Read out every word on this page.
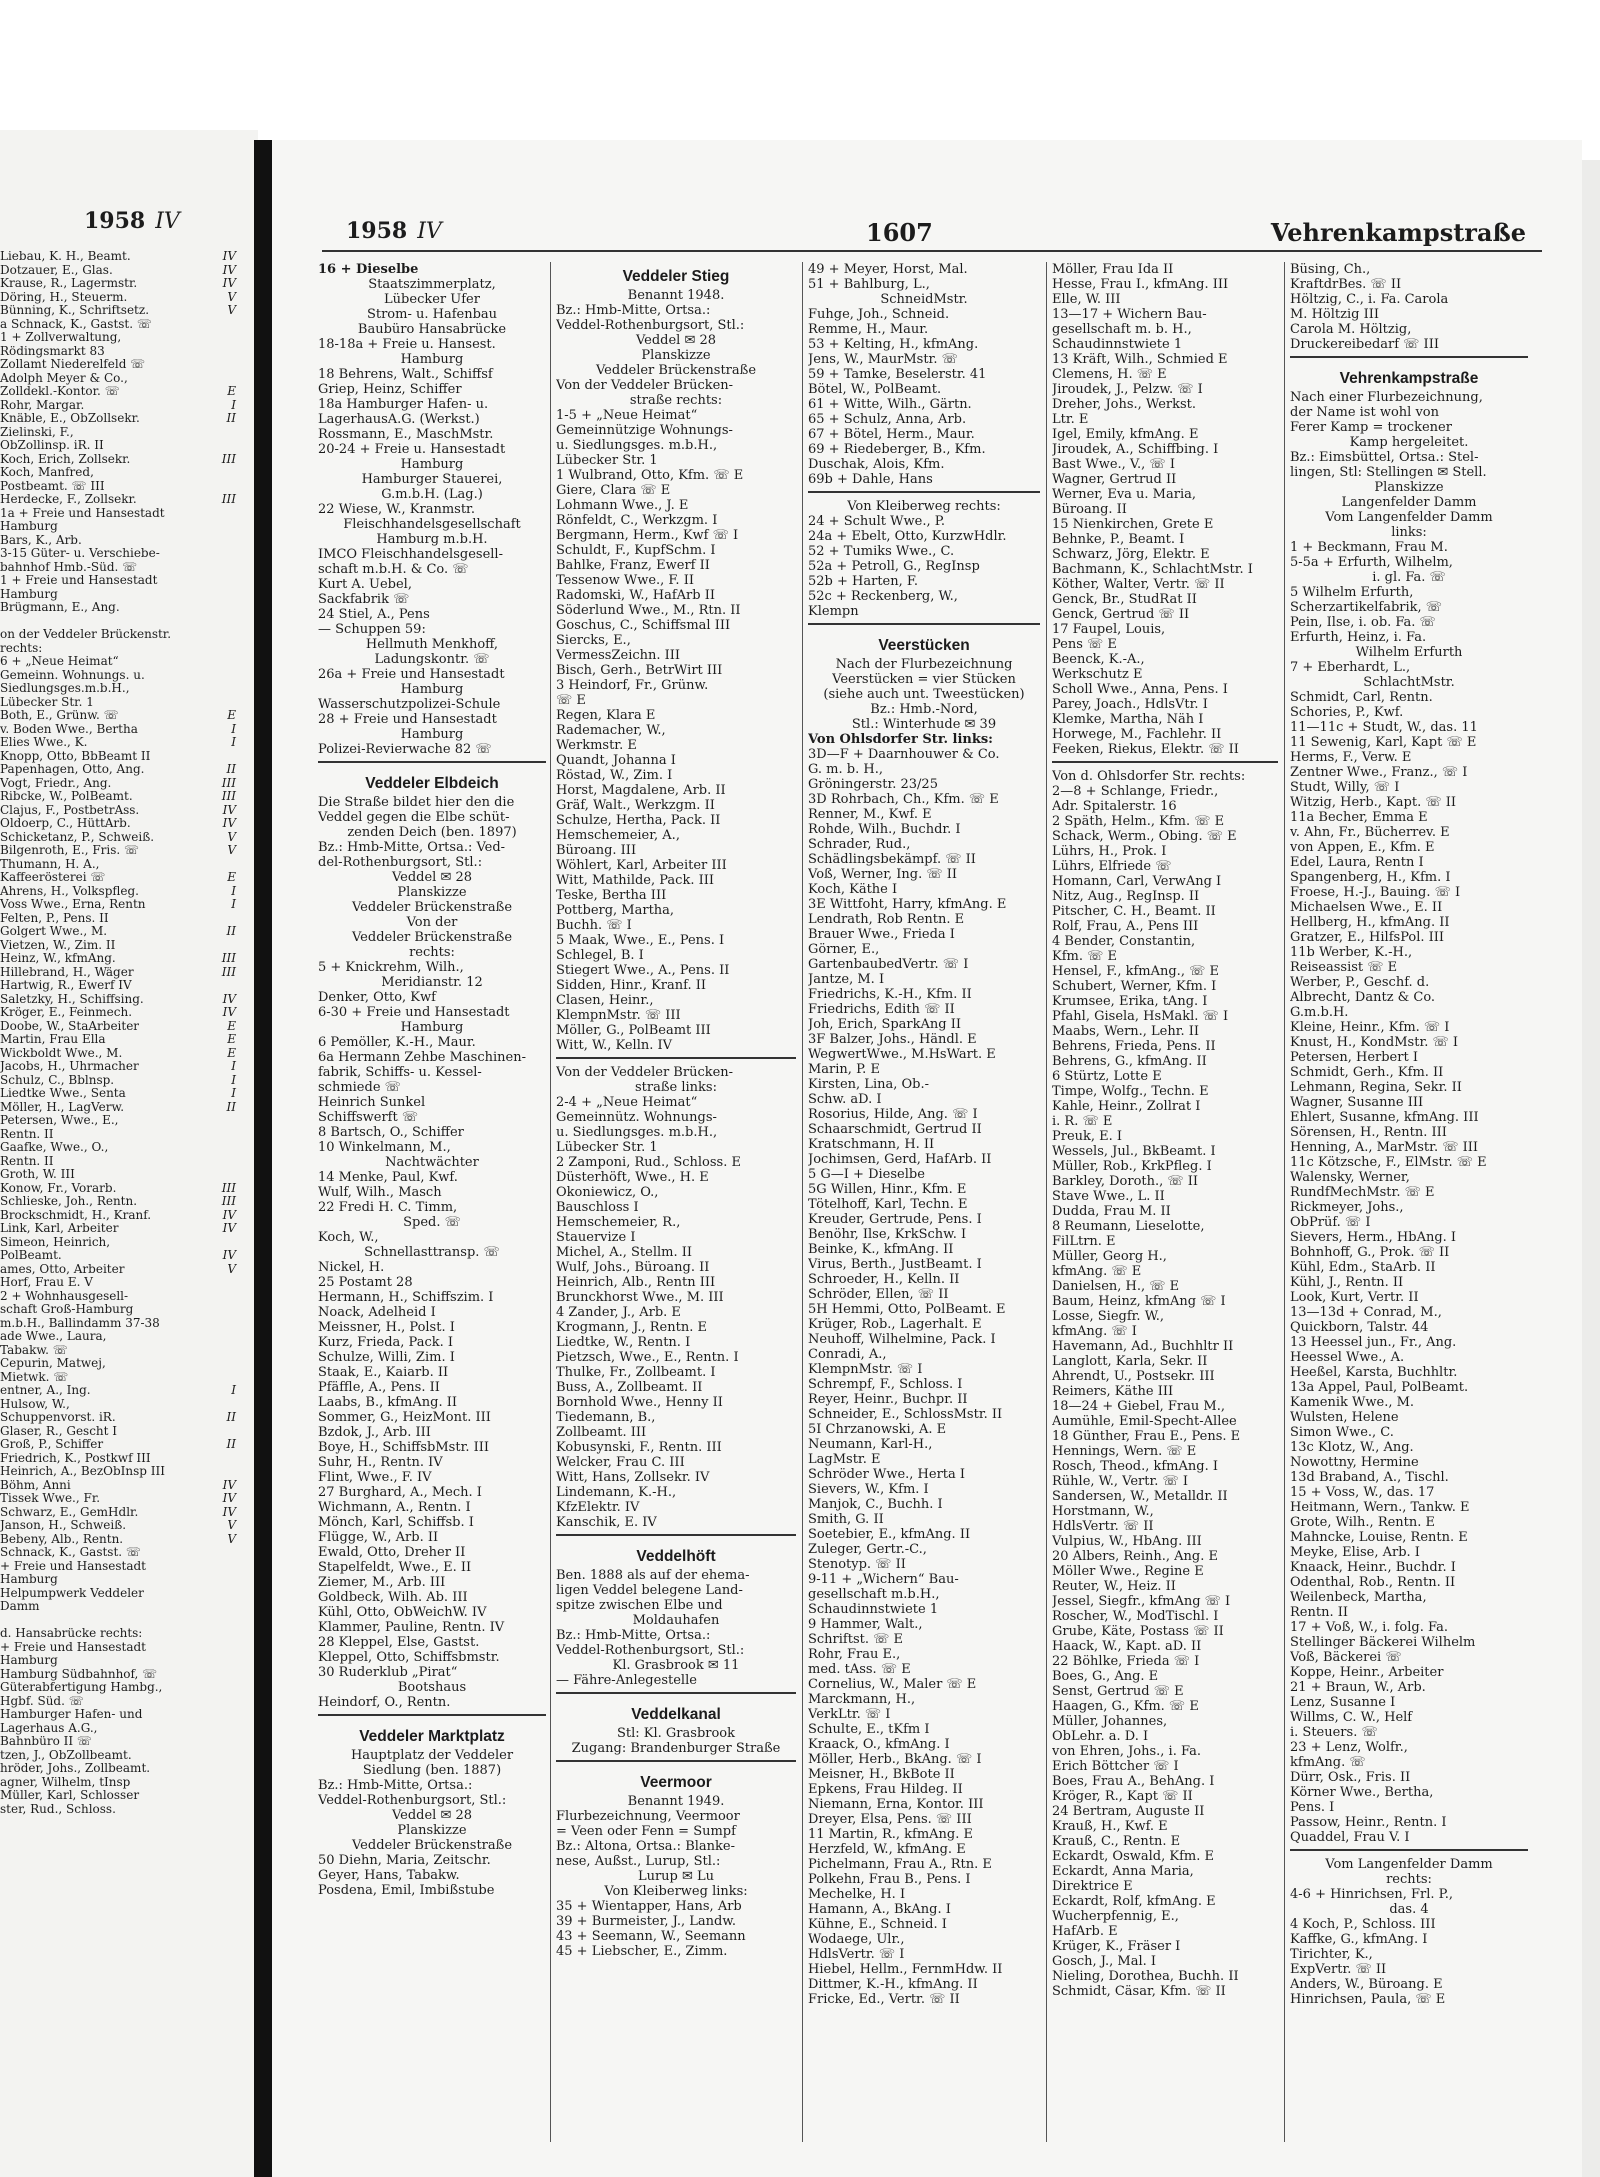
1958 IV
Liebau, K. H., Beamt.	IV
Dotzauer, E., Glas.	IV
Krause, R., Lagermstr.	IV
Döring, H., Steuerm.	V
Bünning, K., Schriftsetz.	V
a Schnack, K., Gastst. ☏
1 + Zollverwaltung,
Rödingsmarkt 83
Zollamt Niederelfeld ☏
Adolph Meyer & Co.,
Zolldekl.-Kontor. ☏	E
Rohr, Margar.	I
Knäble, E., ObZollsekr.	II
Zielinski, F.,
ObZollinsp. iR. II
Koch, Erich, Zollsekr.	III
Koch, Manfred,
Postbeamt. ☏ III
Herdecke, F., Zollsekr.	III
1a + Freie und Hansestadt
Hamburg
Bars, K., Arb.
3-15 Güter- u. Verschiebe-
bahnhof Hmb.-Süd. ☏
1 + Freie und Hansestadt
Hamburg
Brügmann, E., Ang.
on der Veddeler Brückenstr.
rechts:
6 + „Neue Heimat“
Gemeinn. Wohnungs. u.
Siedlungsges.m.b.H.,
Lübecker Str. 1
Both, E., Grünw. ☏	E
v. Boden Wwe., Bertha	I
Elies Wwe., K.	I
Knopp, Otto, BbBeamt II
Papenhagen, Otto, Ang.	II
Vogt, Friedr., Ang.	III
Ribcke, W., PolBeamt.	III
Clajus, F., PostbetrAss.	IV
Oldoerp, C., HüttArb.	IV
Schicketanz, P., Schweiß.	V
Bilgenroth, E., Fris. ☏	V
Thumann, H. A.,
Kaffeerösterei ☏	E
Ahrens, H., Volkspfleg.	I
Voss Wwe., Erna, Rentn	I
Felten, P., Pens. II
Golgert Wwe., M.	II
Vietzen, W., Zim. II
Heinz, W., kfmAng.	III
Hillebrand, H., Wäger	III
Hartwig, R., Ewerf IV
Saletzky, H., Schiffsing.	IV
Kröger, E., Feinmech.	IV
Doobe, W., StaArbeiter	E
Martin, Frau Ella	E
Wickboldt Wwe., M.	E
Jacobs, H., Uhrmacher	I
Schulz, C., Bblnsp.	I
Liedtke Wwe., Senta	I
Möller, H., LagVerw.	II
Petersen, Wwe., E.,
Rentn. II
Gaafke, Wwe., O.,
Rentn. II
Groth, W. III
Konow, Fr., Vorarb.	III
Schlieske, Joh., Rentn.	III
Brockschmidt, H., Kranf.	IV
Link, Karl, Arbeiter	IV
Simeon, Heinrich,
PolBeamt.	IV
ames, Otto, Arbeiter	V
Horf, Frau E. V
2 + Wohnhausgesell-
schaft Groß-Hamburg
m.b.H., Ballindamm 37-38
ade Wwe., Laura,
Tabakw. ☏
Cepurin, Matwej,
Mietwk. ☏
entner, A., Ing.	I
Hulsow, W.,
Schuppenvorst. iR.	II
Glaser, R., Gescht I
Groß, P., Schiffer	II
Friedrich, K., Postkwf III
Heinrich, A., BezObInsp III
Böhm, Anni	IV
Tissek Wwe., Fr.	IV
Schwarz, E., GemHdlr.	IV
Janson, H., Schweiß.	V
Bebeny, Alb., Rentn.	V
Schnack, K., Gastst. ☏
+ Freie und Hansestadt
Hamburg
Helpumpwerk Veddeler
Damm
d. Hansabrücke rechts:
+ Freie und Hansestadt
Hamburg
Hamburg Südbahnhof, ☏
Güterabfertigung Hambg.,
Hgbf. Süd. ☏
Hamburger Hafen- und
Lagerhaus A.G.,
Bahnbüro II ☏
tzen, J., ObZollbeamt.
hröder, Johs., Zollbeamt.
agner, Wilhelm, tInsp
Müller, Karl, Schlosser
ster, Rud., Schloss.
1958 IV	1607	Vehrenkampstraße
16 + Dieselbe
Staatszimmerplatz,
Lübecker Ufer
Strom- u. Hafenbau
Baubüro Hansabrücke
18-18a + Freie u. Hansest.
Hamburg
18 Behrens, Walt., Schiffsf
Griep, Heinz, Schiffer
18a Hamburger Hafen- u.
LagerhausA.G. (Werkst.)
Rossmann, E., MaschMstr.
20-24 + Freie u. Hansestadt
Hamburg
Hamburger Stauerei,
G.m.b.H. (Lag.)
22 Wiese, W., Kranmstr.
Fleischhandelsgesellschaft
Hamburg m.b.H.
IMCO Fleischhandelsgesell-
schaft m.b.H. & Co. ☏
Kurt A. Uebel,
Sackfabrik ☏
24 Stiel, A., Pens
— Schuppen 59:
Hellmuth Menkhoff,
Ladungskontr. ☏
26a + Freie und Hansestadt
Hamburg
Wasserschutzpolizei-Schule
28 + Freie und Hansestadt
Hamburg
Polizei-Revierwache 82 ☏
Veddeler Elbdeich
Die Straße bildet hier den die
Veddel gegen die Elbe schüt-
zenden Deich (ben. 1897)
Bz.: Hmb-Mitte, Ortsa.: Ved-
del-Rothenburgsort, Stl.:
Veddel ✉ 28
Planskizze
Veddeler Brückenstraße
Von der
Veddeler Brückenstraße
rechts:
5 + Knickrehm, Wilh.,
Meridianstr. 12
Denker, Otto, Kwf
6-30 + Freie und Hansestadt
Hamburg
6 Pemöller, K.-H., Maur.
6a Hermann Zehbe Maschinen-
fabrik, Schiffs- u. Kessel-
schmiede ☏
Heinrich Sunkel
Schiffswerft ☏
8 Bartsch, O., Schiffer
10 Winkelmann, M.,
Nachtwächter
14 Menke, Paul, Kwf.
Wulf, Wilh., Masch
22 Fredi H. C. Timm,
Sped. ☏
Koch, W.,
Schnellasttransp. ☏
Nickel, H.
25 Postamt 28
Hermann, H., Schiffszim. I
Noack, Adelheid I
Meissner, H., Polst. I
Kurz, Frieda, Pack. I
Schulze, Willi, Zim. I
Staak, E., Kaiarb. II
Pfäffle, A., Pens. II
Laabs, B., kfmAng. II
Sommer, G., HeizMont. III
Bzdok, J., Arb. III
Boye, H., SchiffsbMstr. III
Suhr, H., Rentn. IV
Flint, Wwe., F. IV
27 Burghard, A., Mech. I
Wichmann, A., Rentn. I
Mönch, Karl, Schiffsb. I
Flügge, W., Arb. II
Ewald, Otto, Dreher II
Stapelfeldt, Wwe., E. II
Ziemer, M., Arb. III
Goldbeck, Wilh. Ab. III
Kühl, Otto, ObWeichW. IV
Klammer, Pauline, Rentn. IV
28 Kleppel, Else, Gastst.
Kleppel, Otto, Schiffsbmstr.
30 Ruderklub „Pirat“
Bootshaus
Heindorf, O., Rentn.
Veddeler Marktplatz
Hauptplatz der Veddeler
Siedlung (ben. 1887)
Bz.: Hmb-Mitte, Ortsa.:
Veddel-Rothenburgsort, Stl.:
Veddel ✉ 28
Planskizze
Veddeler Brückenstraße
50 Diehn, Maria, Zeitschr.
Geyer, Hans, Tabakw.
Posdena, Emil, Imbißstube
Veddeler Stieg
Benannt 1948.
Bz.: Hmb-Mitte, Ortsa.:
Veddel-Rothenburgsort, Stl.:
Veddel ✉ 28
Planskizze
Veddeler Brückenstraße
Von der Veddeler Brücken-
straße rechts:
1-5 + „Neue Heimat“
Gemeinnützige Wohnungs-
u. Siedlungsges. m.b.H.,
Lübecker Str. 1
1 Wulbrand, Otto, Kfm. ☏ E
Giere, Clara ☏ E
Lohmann Wwe., J. E
Rönfeldt, C., Werkzgm. I
Bergmann, Herm., Kwf ☏ I
Schuldt, F., KupfSchm. I
Bahlke, Franz, Ewerf II
Tessenow Wwe., F. II
Radomski, W., HafArb II
Söderlund Wwe., M., Rtn. II
Goschus, C., Schiffsmal III
Siercks, E.,
VermessZeichn. III
Bisch, Gerh., BetrWirt III
3 Heindorf, Fr., Grünw.
☏ E
Regen, Klara E
Rademacher, W.,
Werkmstr. E
Quandt, Johanna I
Röstad, W., Zim. I
Horst, Magdalene, Arb. II
Gräf, Walt., Werkzgm. II
Schulze, Hertha, Pack. II
Hemschemeier, A.,
Büroang. III
Wöhlert, Karl, Arbeiter III
Witt, Mathilde, Pack. III
Teske, Bertha III
Pottberg, Martha,
Buchh. ☏ I
5 Maak, Wwe., E., Pens. I
Schlegel, B. I
Stiegert Wwe., A., Pens. II
Sidden, Hinr., Kranf. II
Clasen, Heinr.,
KlempnMstr. ☏ III
Möller, G., PolBeamt III
Witt, W., Kelln. IV
Von der Veddeler Brücken-
straße links:
2-4 + „Neue Heimat“
Gemeinnütz. Wohnungs-
u. Siedlungsges. m.b.H.,
Lübecker Str. 1
2 Zamponi, Rud., Schloss. E
Düsterhöft, Wwe., H. E
Okoniewicz, O.,
Bauschloss I
Hemschemeier, R.,
Stauervize I
Michel, A., Stellm. II
Wulf, Johs., Büroang. II
Heinrich, Alb., Rentn III
Brunckhorst Wwe., M. III
4 Zander, J., Arb. E
Krogmann, J., Rentn. E
Liedtke, W., Rentn. I
Pietzsch, Wwe., E., Rentn. I
Thulke, Fr., Zollbeamt. I
Buss, A., Zollbeamt. II
Bornhold Wwe., Henny II
Tiedemann, B.,
Zollbeamt. III
Kobusynski, F., Rentn. III
Welcker, Frau C. III
Witt, Hans, Zollsekr. IV
Lindemann, K.-H.,
KfzElektr. IV
Kanschik, E. IV
Veddelhöft
Ben. 1888 als auf der ehema-
ligen Veddel belegene Land-
spitze zwischen Elbe und
Moldauhafen
Bz.: Hmb-Mitte, Ortsa.:
Veddel-Rothenburgsort, Stl.:
Kl. Grasbrook ✉ 11
— Fähre-Anlegestelle
Veddelkanal
Stl: Kl. Grasbrook
Zugang: Brandenburger Straße
Veermoor
Benannt 1949.
Flurbezeichnung, Veermoor
= Veen oder Fenn = Sumpf
Bz.: Altona, Ortsa.: Blanke-
nese, Außst., Lurup, Stl.:
Lurup ✉ Lu
Von Kleiberweg links:
35 + Wientapper, Hans, Arb
39 + Burmeister, J., Landw.
43 + Seemann, W., Seemann
45 + Liebscher, E., Zimm.
49 + Meyer, Horst, Mal.
51 + Bahlburg, L.,
SchneidMstr.
Fuhge, Joh., Schneid.
Remme, H., Maur.
53 + Kelting, H., kfmAng.
Jens, W., MaurMstr. ☏
59 + Tamke, Beselerstr. 41
Bötel, W., PolBeamt.
61 + Witte, Wilh., Gärtn.
65 + Schulz, Anna, Arb.
67 + Bötel, Herm., Maur.
69 + Riedeberger, B., Kfm.
Duschak, Alois, Kfm.
69b + Dahle, Hans
Von Kleiberweg rechts:
24 + Schult Wwe., P.
24a + Ebelt, Otto, KurzwHdlr.
52 + Tumiks Wwe., C.
52a + Petroll, G., RegInsp
52b + Harten, F.
52c + Reckenberg, W.,
Klempn
Veerstücken
Nach der Flurbezeichnung
Veerstücken = vier Stücken
(siehe auch unt. Tweestücken)
Bz.: Hmb.-Nord,
Stl.: Winterhude ✉ 39
Von Ohlsdorfer Str. links:
3D—F + Daarnhouwer & Co.
G. m. b. H.,
Gröningerstr. 23/25
3D Rohrbach, Ch., Kfm. ☏ E
Renner, M., Kwf. E
Rohde, Wilh., Buchdr. I
Schrader, Rud.,
Schädlingsbekämpf. ☏ II
Voß, Werner, Ing. ☏ II
Koch, Käthe I
3E Wittfoht, Harry, kfmAng. E
Lendrath, Rob Rentn. E
Brauer Wwe., Frieda I
Görner, E.,
GartenbaubedVertr. ☏ I
Jantze, M. I
Friedrichs, K.-H., Kfm. II
Friedrichs, Edith ☏ II
Joh, Erich, SparkAng II
3F Balzer, Johs., Händl. E
WegwertWwe., M.HsWart. E
Marin, P. E
Kirsten, Lina, Ob.-
Schw. aD. I
Rosorius, Hilde, Ang. ☏ I
Schaarschmidt, Gertrud II
Kratschmann, H. II
Jochimsen, Gerd, HafArb. II
5 G—I + Dieselbe
5G Willen, Hinr., Kfm. E
Tötelhoff, Karl, Techn. E
Kreuder, Gertrude, Pens. I
Benöhr, Ilse, KrkSchw. I
Beinke, K., kfmAng. II
Virus, Berth., JustBeamt. I
Schroeder, H., Kelln. II
Schröder, Ellen, ☏ II
5H Hemmi, Otto, PolBeamt. E
Krüger, Rob., Lagerhalt. E
Neuhoff, Wilhelmine, Pack. I
Conradi, A.,
KlempnMstr. ☏ I
Schrempf, F., Schloss. I
Reyer, Heinr., Buchpr. II
Schneider, E., SchlossMstr. II
5I Chrzanowski, A. E
Neumann, Karl-H.,
LagMstr. E
Schröder Wwe., Herta I
Sievers, W., Kfm. I
Manjok, C., Buchh. I
Smith, G. II
Soetebier, E., kfmAng. II
Zuleger, Gertr.-C.,
Stenotyp. ☏ II
9-11 + „Wichern“ Bau-
gesellschaft m.b.H.,
Schaudinnstwiete 1
9 Hammer, Walt.,
Schriftst. ☏ E
Rohr, Frau E.,
med. tAss. ☏ E
Cornelius, W., Maler ☏ E
Marckmann, H.,
VerkLtr. ☏ I
Schulte, E., tKfm I
Kraack, O., kfmAng. I
Möller, Herb., BkAng. ☏ I
Meisner, H., BkBote II
Epkens, Frau Hildeg. II
Niemann, Erna, Kontor. III
Dreyer, Elsa, Pens. ☏ III
11 Martin, R., kfmAng. E
Herzfeld, W., kfmAng. E
Pichelmann, Frau A., Rtn. E
Polkehn, Frau B., Pens. I
Mechelke, H. I
Hamann, A., BkAng. I
Kühne, E., Schneid. I
Wodaege, Ulr.,
HdlsVertr. ☏ I
Hiebel, Hellm., FernmHdw. II
Dittmer, K.-H., kfmAng. II
Fricke, Ed., Vertr. ☏ II
Möller, Frau Ida II
Hesse, Frau I., kfmAng. III
Elle, W. III
13—17 + Wichern Bau-
gesellschaft m. b. H.,
Schaudinnstwiete 1
13 Kräft, Wilh., Schmied E
Clemens, H. ☏ E
Jiroudek, J., Pelzw. ☏ I
Dreher, Johs., Werkst.
Ltr. E
Igel, Emily, kfmAng. E
Jiroudek, A., Schiffbing. I
Bast Wwe., V., ☏ I
Wagner, Gertrud II
Werner, Eva u. Maria,
Büroang. II
15 Nienkirchen, Grete E
Behnke, P., Beamt. I
Schwarz, Jörg, Elektr. E
Bachmann, K., SchlachtMstr. I
Köther, Walter, Vertr. ☏ II
Genck, Br., StudRat II
Genck, Gertrud ☏ II
17 Faupel, Louis,
Pens ☏ E
Beenck, K.-A.,
Werkschutz E
Scholl Wwe., Anna, Pens. I
Parey, Joach., HdlsVtr. I
Klemke, Martha, Näh I
Horwege, M., Fachlehr. II
Feeken, Riekus, Elektr. ☏ II
Von d. Ohlsdorfer Str. rechts:
2—8 + Schlange, Friedr.,
Adr. Spitalerstr. 16
2 Späth, Helm., Kfm. ☏ E
Schack, Werm., Obing. ☏ E
Lührs, H., Prok. I
Lührs, Elfriede ☏
Homann, Carl, VerwAng I
Nitz, Aug., RegInsp. II
Pitscher, C. H., Beamt. II
Rolf, Frau, A., Pens III
4 Bender, Constantin,
Kfm. ☏ E
Hensel, F., kfmAng., ☏ E
Schubert, Werner, Kfm. I
Krumsee, Erika, tAng. I
Pfahl, Gisela, HsMakl. ☏ I
Maabs, Wern., Lehr. II
Behrens, Frieda, Pens. II
Behrens, G., kfmAng. II
6 Stürtz, Lotte E
Timpe, Wolfg., Techn. E
Kahle, Heinr., Zollrat I
i. R. ☏ E
Preuk, E. I
Wessels, Jul., BkBeamt. I
Müller, Rob., KrkPfleg. I
Barkley, Doroth., ☏ II
Stave Wwe., L. II
Dudda, Frau M. II
8 Reumann, Lieselotte,
FilLtrn. E
Müller, Georg H.,
kfmAng. ☏ E
Danielsen, H., ☏ E
Baum, Heinz, kfmAng ☏ I
Losse, Siegfr. W.,
kfmAng. ☏ I
Havemann, Ad., Buchhltr II
Langlott, Karla, Sekr. II
Ahrendt, U., Postsekr. III
Reimers, Käthe III
18—24 + Giebel, Frau M.,
Aumühle, Emil-Specht-Allee
18 Günther, Frau E., Pens. E
Hennings, Wern. ☏ E
Rosch, Theod., kfmAng. I
Rühle, W., Vertr. ☏ I
Sandersen, W., Metalldr. II
Horstmann, W.,
HdlsVertr. ☏ II
Vulpius, W., HbAng. III
20 Albers, Reinh., Ang. E
Möller Wwe., Regine E
Reuter, W., Heiz. II
Jessel, Siegfr., kfmAng ☏ I
Roscher, W., ModTischl. I
Grube, Käte, Postass ☏ II
Haack, W., Kapt. aD. II
22 Böhlke, Frieda ☏ I
Boes, G., Ang. E
Senst, Gertrud ☏ E
Haagen, G., Kfm. ☏ E
Müller, Johannes,
ObLehr. a. D. I
von Ehren, Johs., i. Fa.
Erich Böttcher ☏ I
Boes, Frau A., BehAng. I
Kröger, R., Kapt ☏ II
24 Bertram, Auguste II
Krauß, H., Kwf. E
Krauß, C., Rentn. E
Eckardt, Oswald, Kfm. E
Eckardt, Anna Maria,
Direktrice E
Eckardt, Rolf, kfmAng. E
Wucherpfennig, E.,
HafArb. E
Krüger, K., Fräser I
Gosch, J., Mal. I
Nieling, Dorothea, Buchh. II
Schmidt, Cäsar, Kfm. ☏ II
Büsing, Ch.,
KraftdrBes. ☏ II
Höltzig, C., i. Fa. Carola
M. Höltzig III
Carola M. Höltzig,
Druckereibedarf ☏ III
Vehrenkampstraße
Nach einer Flurbezeichnung,
der Name ist wohl von
Ferer Kamp = trockener
Kamp hergeleitet.
Bz.: Eimsbüttel, Ortsa.: Stel-
lingen, Stl: Stellingen ✉ Stell.
Planskizze
Langenfelder Damm
Vom Langenfelder Damm
links:
1 + Beckmann, Frau M.
5-5a + Erfurth, Wilhelm,
i. gl. Fa. ☏
5 Wilhelm Erfurth,
Scherzartikelfabrik, ☏
Pein, Ilse, i. ob. Fa. ☏
Erfurth, Heinz, i. Fa.
Wilhelm Erfurth
7 + Eberhardt, L.,
SchlachtMstr.
Schmidt, Carl, Rentn.
Schories, P., Kwf.
11—11c + Studt, W., das. 11
11 Sewenig, Karl, Kapt ☏ E
Herms, F., Verw. E
Zentner Wwe., Franz., ☏ I
Studt, Willy, ☏ I
Witzig, Herb., Kapt. ☏ II
11a Becher, Emma E
v. Ahn, Fr., Bücherrev. E
von Appen, E., Kfm. E
Edel, Laura, Rentn I
Spangenberg, H., Kfm. I
Froese, H.-J., Bauing. ☏ I
Michaelsen Wwe., E. II
Hellberg, H., kfmAng. II
Gratzer, E., HilfsPol. III
11b Werber, K.-H.,
Reiseassist ☏ E
Werber, P., Geschf. d.
Albrecht, Dantz & Co.
G.m.b.H.
Kleine, Heinr., Kfm. ☏ I
Knust, H., KondMstr. ☏ I
Petersen, Herbert I
Schmidt, Gerh., Kfm. II
Lehmann, Regina, Sekr. II
Wagner, Susanne III
Ehlert, Susanne, kfmAng. III
Sörensen, H., Rentn. III
Henning, A., MarMstr. ☏ III
11c Kötzsche, F., ElMstr. ☏ E
Walensky, Werner,
RundfMechMstr. ☏ E
Rickmeyer, Johs.,
ObPrüf. ☏ I
Sievers, Herm., HbAng. I
Bohnhoff, G., Prok. ☏ II
Kühl, Edm., StaArb. II
Kühl, J., Rentn. II
Look, Kurt, Vertr. II
13—13d + Conrad, M.,
Quickborn, Talstr. 44
13 Heessel jun., Fr., Ang.
Heessel Wwe., A.
Heeßel, Karsta, Buchhltr.
13a Appel, Paul, PolBeamt.
Kamenik Wwe., M.
Wulsten, Helene
Simon Wwe., C.
13c Klotz, W., Ang.
Nowottny, Hermine
13d Braband, A., Tischl.
15 + Voss, W., das. 17
Heitmann, Wern., Tankw. E
Grote, Wilh., Rentn. E
Mahncke, Louise, Rentn. E
Meyke, Elise, Arb. I
Knaack, Heinr., Buchdr. I
Odenthal, Rob., Rentn. II
Weilenbeck, Martha,
Rentn. II
17 + Voß, W., i. folg. Fa.
Stellinger Bäckerei Wilhelm
Voß, Bäckerei ☏
Koppe, Heinr., Arbeiter
21 + Braun, W., Arb.
Lenz, Susanne I
Willms, C. W., Helf
i. Steuers. ☏
23 + Lenz, Wolfr.,
kfmAng. ☏
Dürr, Osk., Fris. II
Körner Wwe., Bertha,
Pens. I
Passow, Heinr., Rentn. I
Quaddel, Frau V. I
Vom Langenfelder Damm
rechts:
4-6 + Hinrichsen, Frl. P.,
das. 4
4 Koch, P., Schloss. III
Kaffke, G., kfmAng. I
Tirichter, K.,
ExpVertr. ☏ II
Anders, W., Büroang. E
Hinrichsen, Paula, ☏ E
